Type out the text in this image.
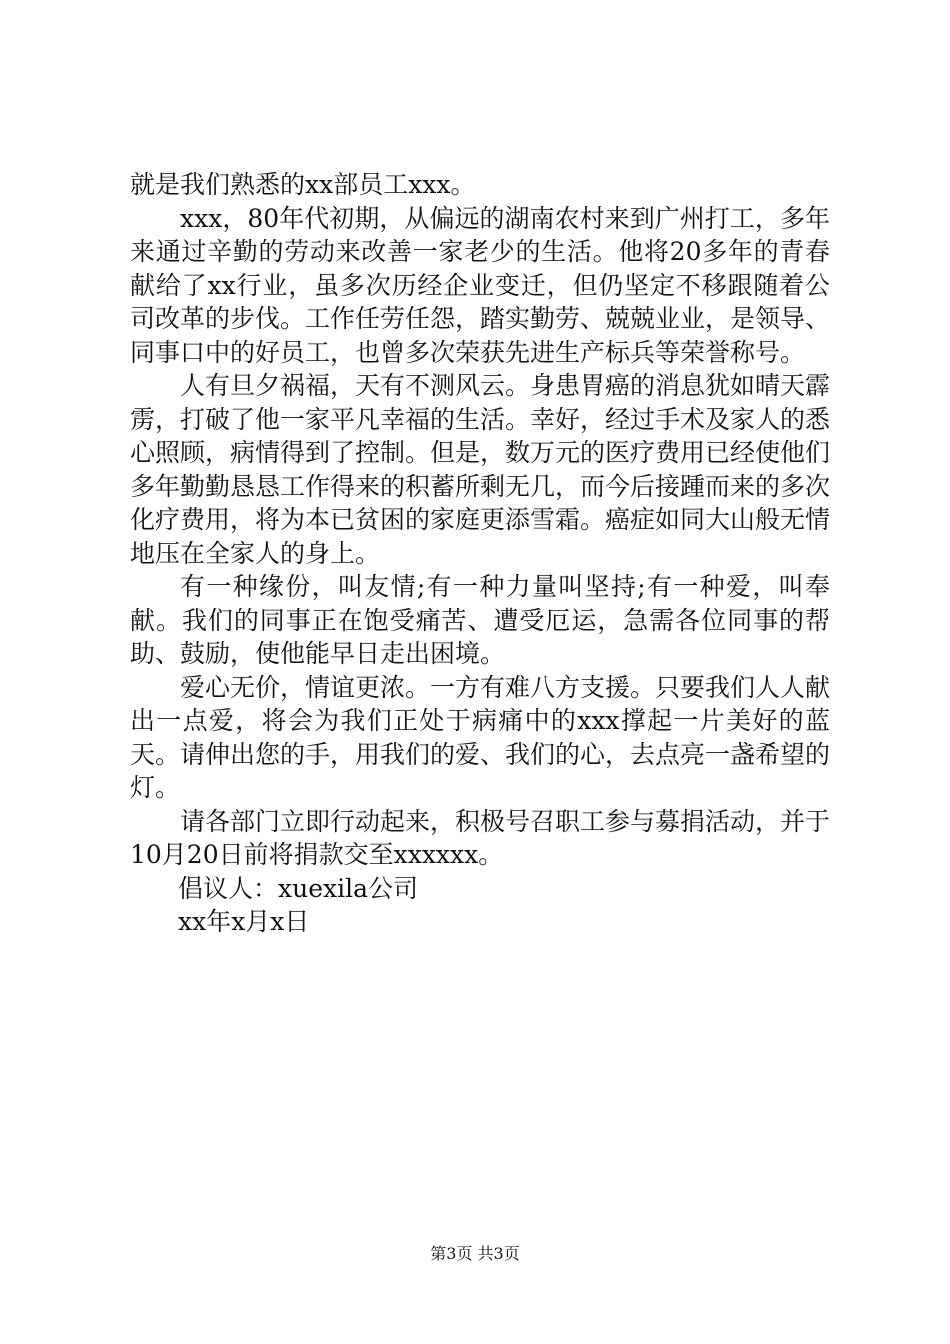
就是我们熟悉的xx部员工xxx。

xxx，80年代初期，从偏远的湖南农村来到广州打工，多年来通过辛勤的劳动来改善一家老少的生活。他将20多年的青春献给了xx行业，虽多次历经企业变迁，但仍坚定不移跟随着公司改革的步伐。工作任劳任怨，踏实勤劳、兢兢业业，是领导、同事口中的好员工，也曾多次荣获先进生产标兵等荣誉称号。

人有旦夕祸福，天有不测风云。身患胃癌的消息犹如晴天霹雳，打破了他一家平凡幸福的生活。幸好，经过手术及家人的悉心照顾，病情得到了控制。但是，数万元的医疗费用已经使他们多年勤勤恳恳工作得来的积蓄所剩无几，而今后接踵而来的多次化疗费用，将为本已贫困的家庭更添雪霜。癌症如同大山般无情地压在全家人的身上。

有一种缘份，叫友情;有一种力量叫坚持;有一种爱，叫奉献。我们的同事正在饱受痛苦、遭受厄运，急需各位同事的帮助、鼓励，使他能早日走出困境。

爱心无价，情谊更浓。一方有难八方支援。只要我们人人献出一点爱，将会为我们正处于病痛中的xxx撑起一片美好的蓝天。请伸出您的手，用我们的爱、我们的心，去点亮一盏希望的灯。

请各部门立即行动起来，积极号召职工参与募捐活动，并于10月20日前将捐款交至xxxxxx。

倡议人：xuexila公司

xx年x月x日

第3页 共3页
